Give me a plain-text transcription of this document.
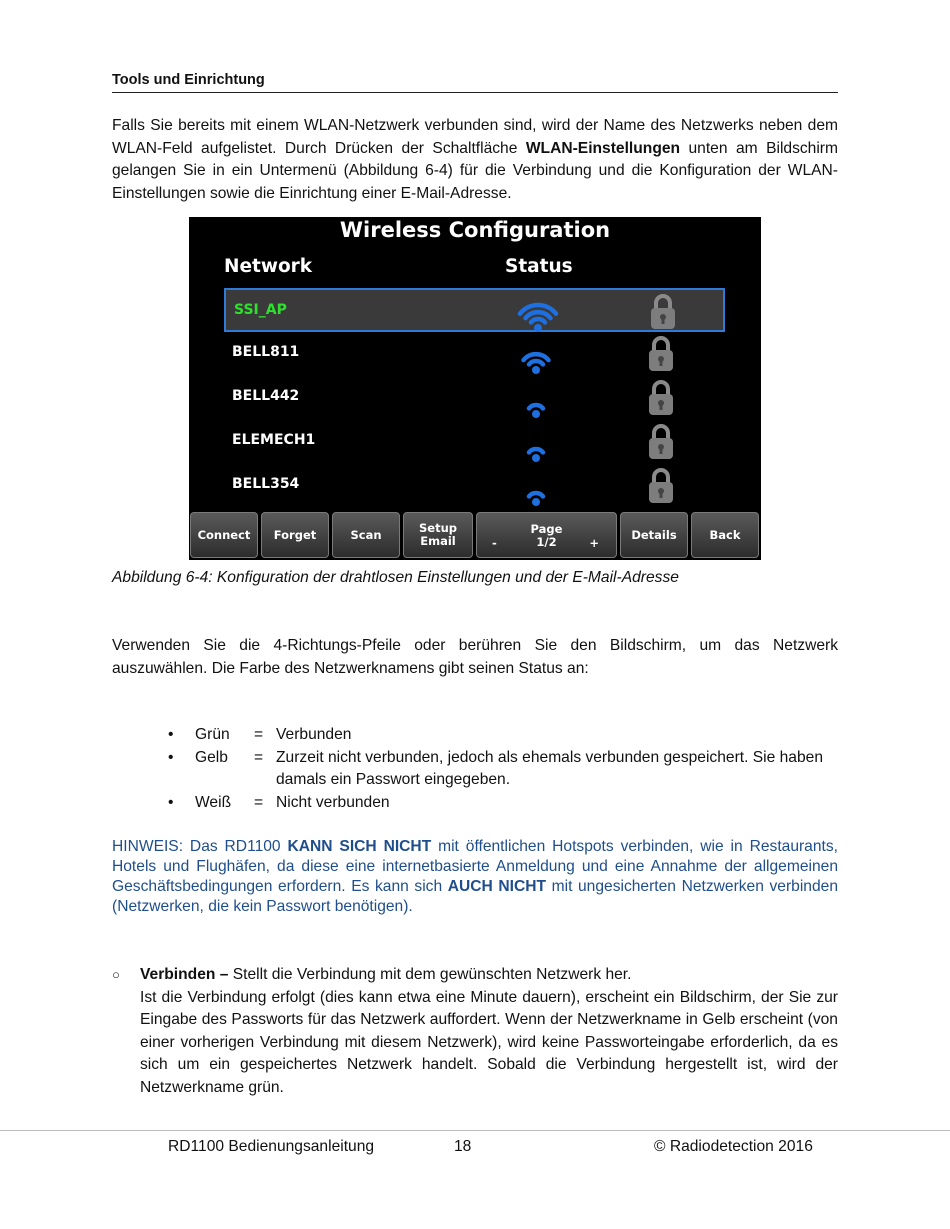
Tools und Einrichtung
Falls Sie bereits mit einem WLAN-Netzwerk verbunden sind, wird der Name des Netzwerks neben dem WLAN-Feld aufgelistet. Durch Drücken der Schaltfläche WLAN-Einstellungen unten am Bildschirm gelangen Sie in ein Untermenü (Abbildung 6-4) für die Verbindung und die Konfiguration der WLAN-Einstellungen sowie die Einrichtung einer E-Mail-Adresse.
Wireless Configuration
Network	Status
SSI_AP
BELL811
BELL442
ELEMECH1
BELL354
Connect	Forget	Scan	Setup
Email
Page
1/2
-	+
Details	Back
Abbildung 6-4: Konfiguration der drahtlosen Einstellungen und der E-Mail-Adresse
Verwenden Sie die 4-Richtungs-Pfeile oder berühren Sie den Bildschirm, um das Netzwerk auszuwählen. Die Farbe des Netzwerknamens gibt seinen Status an:
• Grün = Verbunden
• Gelb = Zurzeit nicht verbunden, jedoch als ehemals verbunden gespeichert. Sie haben damals ein Passwort eingegeben.
• Weiß = Nicht verbunden
HINWEIS: Das RD1100 KANN SICH NICHT mit öffentlichen Hotspots verbinden, wie in Restaurants, Hotels und Flughäfen, da diese eine internetbasierte Anmeldung und eine Annahme der allgemeinen Geschäftsbedingungen erfordern. Es kann sich AUCH NICHT mit ungesicherten Netzwerken verbinden (Netzwerken, die kein Passwort benötigen).
○ Verbinden – Stellt die Verbindung mit dem gewünschten Netzwerk her.
Ist die Verbindung erfolgt (dies kann etwa eine Minute dauern), erscheint ein Bildschirm, der Sie zur Eingabe des Passworts für das Netzwerk auffordert. Wenn der Netzwerkname in Gelb erscheint (von einer vorherigen Verbindung mit diesem Netzwerk), wird keine Passworteingabe erforderlich, da es sich um ein gespeichertes Netzwerk handelt. Sobald die Verbindung hergestellt ist, wird der Netzwerkname grün.
RD1100 Bedienungsanleitung	18	© Radiodetection 2016
